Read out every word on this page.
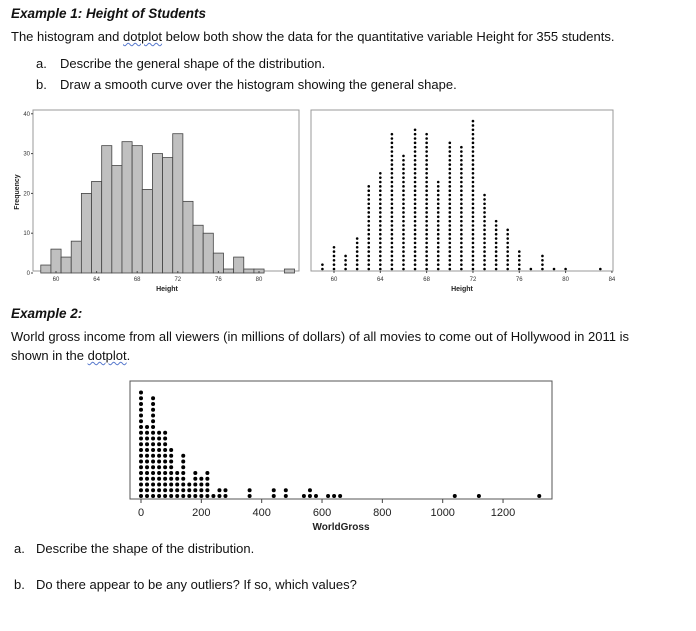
Example 1: Height of Students
The histogram and dotplot below both show the data for the quantitative variable Height for 355 students.
a. Describe the general shape of the distribution.
b. Draw a smooth curve over the histogram showing the general shape.
Example 2:
World gross income from all viewers (in millions of dollars) of all movies to come out of Hollywood in 2011 is
shown in the dotplot.
a. Describe the shape of the distribution.
b. Do there appear to be any outliers? If so, which values?
60	64	68	72	76	80
0
10
20
30
40
Height
Frequency
60	64	68	72	76	80	84
Height
0	200	400	600	800	1000	1200
WorldGross
